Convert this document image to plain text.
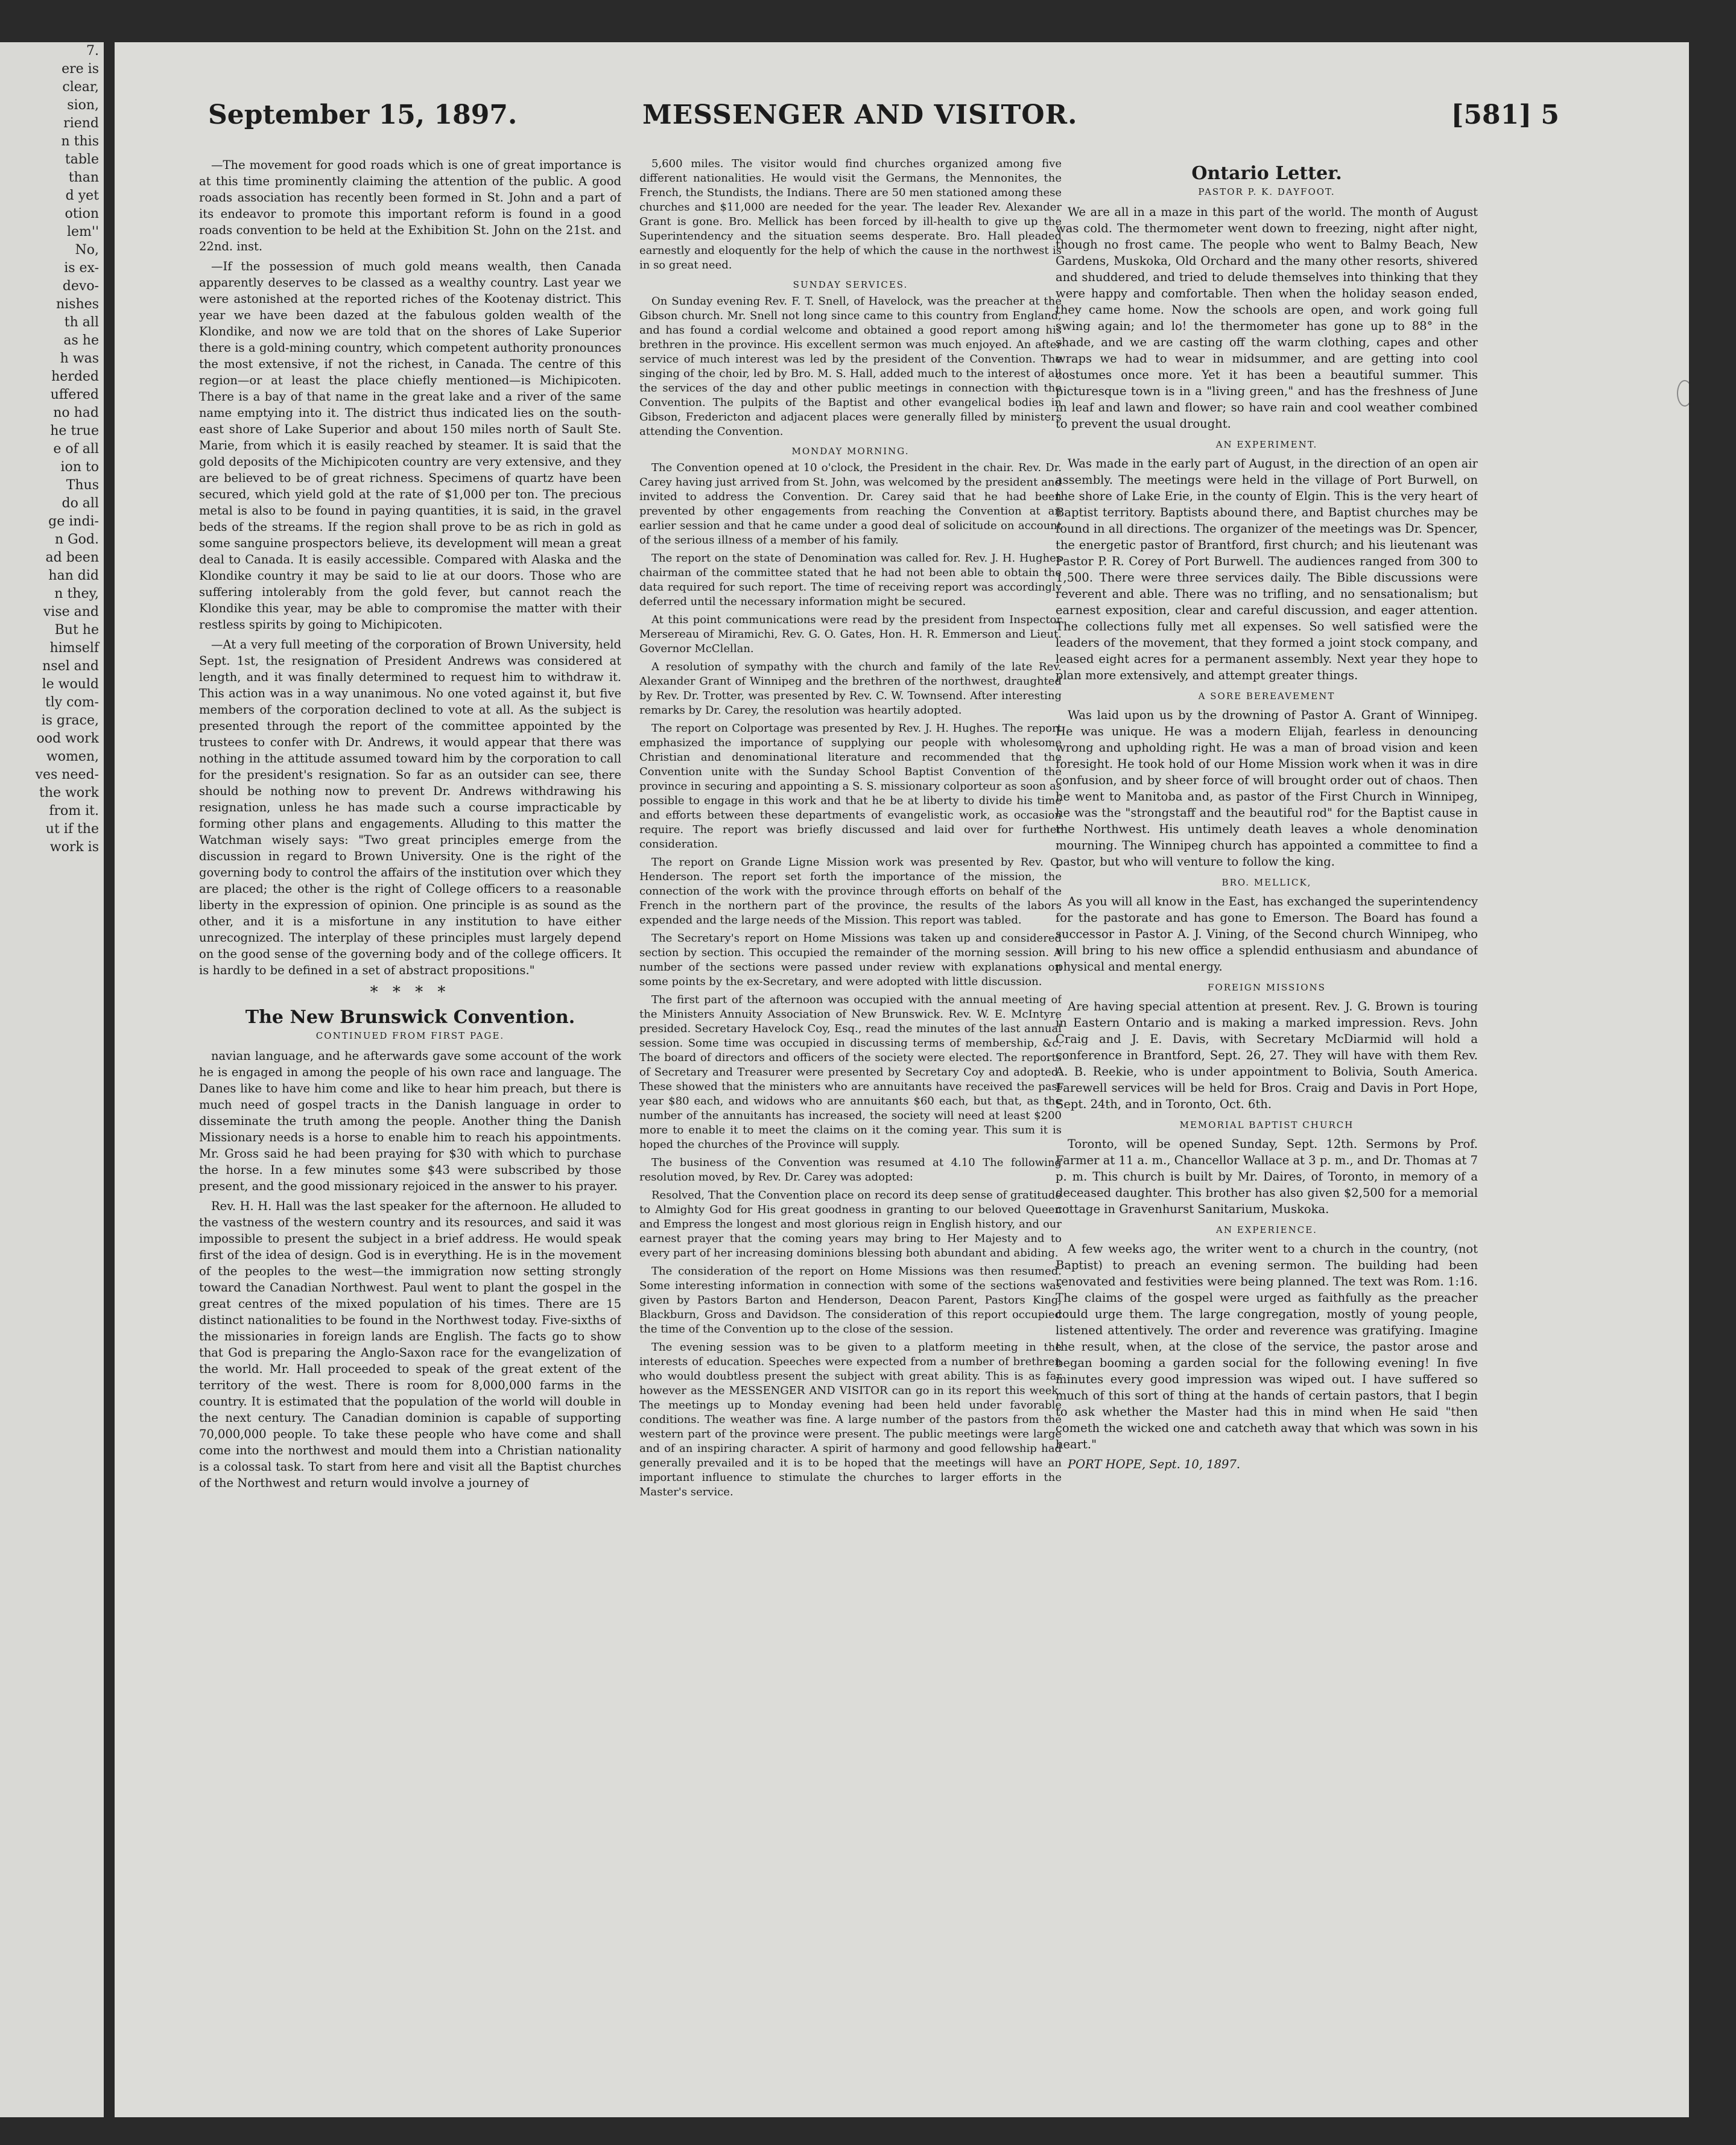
7.
ere is
clear,
sion,
riend
n this
table
than
d yet
otion
lem''
No,
is ex-
devo-
nishes
th all
as he
h was
herded
uffered
no had
he true
e of all
ion to
Thus
do all
ge indi-
n God.
ad been
han did
n they,
vise and
But he
himself
nsel and
le would
tly com-
is grace,
ood work
women,
ves need-
the work
from it.
ut if the
work is
September 15, 1897.	MESSENGER AND VISITOR.	[581] 5

—The movement for good roads which is one of great importance is at this time prominently claiming the attention of the public. A good roads association has recently been formed in St. John and a part of its endeavor to promote this important reform is found in a good roads convention to be held at the Exhibition St. John on the 21st. and 22nd. inst.

—If the possession of much gold means wealth, then Canada apparently deserves to be classed as a wealthy country. Last year we were astonished at the reported riches of the Kootenay district. This year we have been dazed at the fabulous golden wealth of the Klondike, and now we are told that on the shores of Lake Superior there is a gold-mining country, which competent authority pronounces the most extensive, if not the richest, in Canada. The centre of this region—or at least the place chiefly mentioned—is Michipicoten. There is a bay of that name in the great lake and a river of the same name emptying into it. The district thus indicated lies on the south-east shore of Lake Superior and about 150 miles north of Sault Ste. Marie, from which it is easily reached by steamer. It is said that the gold deposits of the Michipicoten country are very extensive, and they are believed to be of great richness. Specimens of quartz have been secured, which yield gold at the rate of $1,000 per ton. The precious metal is also to be found in paying quantities, it is said, in the gravel beds of the streams. If the region shall prove to be as rich in gold as some sanguine prospectors believe, its development will mean a great deal to Canada. It is easily accessible. Compared with Alaska and the Klondike country it may be said to lie at our doors. Those who are suffering intolerably from the gold fever, but cannot reach the Klondike this year, may be able to compromise the matter with their restless spirits by going to Michipicoten.

—At a very full meeting of the corporation of Brown University, held Sept. 1st, the resignation of President Andrews was considered at length, and it was finally determined to request him to withdraw it. This action was in a way unanimous. No one voted against it, but five members of the corporation declined to vote at all. As the subject is presented through the report of the committee appointed by the trustees to confer with Dr. Andrews, it would appear that there was nothing in the attitude assumed toward him by the corporation to call for the president's resignation. So far as an outsider can see, there should be nothing now to prevent Dr. Andrews withdrawing his resignation, unless he has made such a course impracticable by forming other plans and engagements. Alluding to this matter the Watchman wisely says: "Two great principles emerge from the discussion in regard to Brown University. One is the right of the governing body to control the affairs of the institution over which they are placed; the other is the right of College officers to a reasonable liberty in the expression of opinion. One principle is as sound as the other, and it is a misfortune in any institution to have either unrecognized. The interplay of these principles must largely depend on the good sense of the governing body and of the college officers. It is hardly to be defined in a set of abstract propositions."

* * * *
The New Brunswick Convention.
CONTINUED FROM FIRST PAGE.

navian language, and he afterwards gave some account of the work he is engaged in among the people of his own race and language. The Danes like to have him come and like to hear him preach, but there is much need of gospel tracts in the Danish language in order to disseminate the truth among the people. Another thing the Danish Missionary needs is a horse to enable him to reach his appointments. Mr. Gross said he had been praying for $30 with which to purchase the horse. In a few minutes some $43 were subscribed by those present, and the good missionary rejoiced in the answer to his prayer.

Rev. H. H. Hall was the last speaker for the afternoon. He alluded to the vastness of the western country and its resources, and said it was impossible to present the subject in a brief address. He would speak first of the idea of design. God is in everything. He is in the movement of the peoples to the west—the immigration now setting strongly toward the Canadian Northwest. Paul went to plant the gospel in the great centres of the mixed population of his times. There are 15 distinct nationalities to be found in the Northwest today. Five-sixths of the missionaries in foreign lands are English. The facts go to show that God is preparing the Anglo-Saxon race for the evangelization of the world. Mr. Hall proceeded to speak of the great extent of the territory of the west. There is room for 8,000,000 farms in the country. It is estimated that the population of the world will double in the next century. The Canadian dominion is capable of supporting 70,000,000 people. To take these people who have come and shall come into the northwest and mould them into a Christian nationality is a colossal task. To start from here and visit all the Baptist churches of the Northwest and return would involve a journey of

5,600 miles. The visitor would find churches organized among five different nationalities. He would visit the Germans, the Mennonites, the French, the Stundists, the Indians. There are 50 men stationed among these churches and $11,000 are needed for the year. The leader Rev. Alexander Grant is gone. Bro. Mellick has been forced by ill-health to give up the Superintendency and the situation seems desperate. Bro. Hall pleaded earnestly and eloquently for the help of which the cause in the northwest is in so great need.

SUNDAY SERVICES.

On Sunday evening Rev. F. T. Snell, of Havelock, was the preacher at the Gibson church. Mr. Snell not long since came to this country from England, and has found a cordial welcome and obtained a good report among his brethren in the province. His excellent sermon was much enjoyed. An after service of much interest was led by the president of the Convention. The singing of the choir, led by Bro. M. S. Hall, added much to the interest of all the services of the day and other public meetings in connection with the Convention. The pulpits of the Baptist and other evangelical bodies in Gibson, Fredericton and adjacent places were generally filled by ministers attending the Convention.

MONDAY MORNING.

The Convention opened at 10 o'clock, the President in the chair. Rev. Dr. Carey having just arrived from St. John, was welcomed by the president and invited to address the Convention. Dr. Carey said that he had been prevented by other engagements from reaching the Convention at an earlier session and that he came under a good deal of solicitude on account of the serious illness of a member of his family.

The report on the state of Denomination was called for. Rev. J. H. Hughes chairman of the committee stated that he had not been able to obtain the data required for such report. The time of receiving report was accordingly deferred until the necessary information might be secured.

At this point communications were read by the president from Inspector Mersereau of Miramichi, Rev. G. O. Gates, Hon. H. R. Emmerson and Lieut. Governor McClellan.

A resolution of sympathy with the church and family of the late Rev. Alexander Grant of Winnipeg and the brethren of the northwest, draughted by Rev. Dr. Trotter, was presented by Rev. C. W. Townsend. After interesting remarks by Dr. Carey, the resolution was heartily adopted.

The report on Colportage was presented by Rev. J. H. Hughes. The report emphasized the importance of supplying our people with wholesome Christian and denominational literature and recommended that the Convention unite with the Sunday School Baptist Convention of the province in securing and appointing a S. S. missionary colporteur as soon as possible to engage in this work and that he be at liberty to divide his time and efforts between these departments of evangelistic work, as occasion require. The report was briefly discussed and laid over for further consideration.

The report on Grande Ligne Mission work was presented by Rev. C. Henderson. The report set forth the importance of the mission, the connection of the work with the province through efforts on behalf of the French in the northern part of the province, the results of the labors expended and the large needs of the Mission. This report was tabled.

The Secretary's report on Home Missions was taken up and considered section by section. This occupied the remainder of the morning session. A number of the sections were passed under review with explanations on some points by the ex-Secretary, and were adopted with little discussion.

The first part of the afternoon was occupied with the annual meeting of the Ministers Annuity Association of New Brunswick. Rev. W. E. McIntyre presided. Secretary Havelock Coy, Esq., read the minutes of the last annual session. Some time was occupied in discussing terms of membership, &c. The board of directors and officers of the society were elected. The reports of Secretary and Treasurer were presented by Secretary Coy and adopted. These showed that the ministers who are annuitants have received the past year $80 each, and widows who are annuitants $60 each, but that, as the number of the annuitants has increased, the society will need at least $200 more to enable it to meet the claims on it the coming year. This sum it is hoped the churches of the Province will supply.

The business of the Convention was resumed at 4.10 The following resolution moved, by Rev. Dr. Carey was adopted:

Resolved, That the Convention place on record its deep sense of gratitude to Almighty God for His great goodness in granting to our beloved Queen and Empress the longest and most glorious reign in English history, and our earnest prayer that the coming years may bring to Her Majesty and to every part of her increasing dominions blessing both abundant and abiding.

The consideration of the report on Home Missions was then resumed. Some interesting information in connection with some of the sections was given by Pastors Barton and Henderson, Deacon Parent, Pastors King, Blackburn, Gross and Davidson. The consideration of this report occupied the time of the Convention up to the close of the session.

The evening session was to be given to a platform meeting in the interests of education. Speeches were expected from a number of brethren who would doubtless present the subject with great ability. This is as far however as the MESSENGER AND VISITOR can go in its report this week. The meetings up to Monday evening had been held under favorable conditions. The weather was fine. A large number of the pastors from the western part of the province were present. The public meetings were large and of an inspiring character. A spirit of harmony and good fellowship had generally prevailed and it is to be hoped that the meetings will have an important influence to stimulate the churches to larger efforts in the Master's service.

Ontario Letter.
PASTOR P. K. DAYFOOT.

We are all in a maze in this part of the world. The month of August was cold. The thermometer went down to freezing, night after night, though no frost came. The people who went to Balmy Beach, New Gardens, Muskoka, Old Orchard and the many other resorts, shivered and shuddered, and tried to delude themselves into thinking that they were happy and comfortable. Then when the holiday season ended, they came home. Now the schools are open, and work going full swing again; and lo! the thermometer has gone up to 88° in the shade, and we are casting off the warm clothing, capes and other wraps we had to wear in midsummer, and are getting into cool costumes once more. Yet it has been a beautiful summer. This picturesque town is in a "living green," and has the freshness of June in leaf and lawn and flower; so have rain and cool weather combined to prevent the usual drought.

AN EXPERIMENT.

Was made in the early part of August, in the direction of an open air assembly. The meetings were held in the village of Port Burwell, on the shore of Lake Erie, in the county of Elgin. This is the very heart of Baptist territory. Baptists abound there, and Baptist churches may be found in all directions. The organizer of the meetings was Dr. Spencer, the energetic pastor of Brantford, first church; and his lieutenant was Pastor P. R. Corey of Port Burwell. The audiences ranged from 300 to 1,500. There were three services daily. The Bible discussions were reverent and able. There was no trifling, and no sensationalism; but earnest exposition, clear and careful discussion, and eager attention. The collections fully met all expenses. So well satisfied were the leaders of the movement, that they formed a joint stock company, and leased eight acres for a permanent assembly. Next year they hope to plan more extensively, and attempt greater things.

A SORE BEREAVEMENT

Was laid upon us by the drowning of Pastor A. Grant of Winnipeg. He was unique. He was a modern Elijah, fearless in denouncing wrong and upholding right. He was a man of broad vision and keen foresight. He took hold of our Home Mission work when it was in dire confusion, and by sheer force of will brought order out of chaos. Then he went to Manitoba and, as pastor of the First Church in Winnipeg, he was the "strongstaff and the beautiful rod" for the Baptist cause in the Northwest. His untimely death leaves a whole denomination mourning. The Winnipeg church has appointed a committee to find a pastor, but who will venture to follow the king.

BRO. MELLICK,

As you will all know in the East, has exchanged the superintendency for the pastorate and has gone to Emerson. The Board has found a successor in Pastor A. J. Vining, of the Second church Winnipeg, who will bring to his new office a splendid enthusiasm and abundance of physical and mental energy.

FOREIGN MISSIONS

Are having special attention at present. Rev. J. G. Brown is touring in Eastern Ontario and is making a marked impression. Revs. John Craig and J. E. Davis, with Secretary McDiarmid will hold a conference in Brantford, Sept. 26, 27. They will have with them Rev. A. B. Reekie, who is under appointment to Bolivia, South America. Farewell services will be held for Bros. Craig and Davis in Port Hope, Sept. 24th, and in Toronto, Oct. 6th.

MEMORIAL BAPTIST CHURCH

Toronto, will be opened Sunday, Sept. 12th. Sermons by Prof. Farmer at 11 a. m., Chancellor Wallace at 3 p. m., and Dr. Thomas at 7 p. m. This church is built by Mr. Daires, of Toronto, in memory of a deceased daughter. This brother has also given $2,500 for a memorial cottage in Gravenhurst Sanitarium, Muskoka.

AN EXPERIENCE.

A few weeks ago, the writer went to a church in the country, (not Baptist) to preach an evening sermon. The building had been renovated and festivities were being planned. The text was Rom. 1:16. The claims of the gospel were urged as faithfully as the preacher could urge them. The large congregation, mostly of young people, listened attentively. The order and reverence was gratifying. Imagine the result, when, at the close of the service, the pastor arose and began booming a garden social for the following evening! In five minutes every good impression was wiped out. I have suffered so much of this sort of thing at the hands of certain pastors, that I begin to ask whether the Master had this in mind when He said "then cometh the wicked one and catcheth away that which was sown in his heart."

PORT HOPE, Sept. 10, 1897.
